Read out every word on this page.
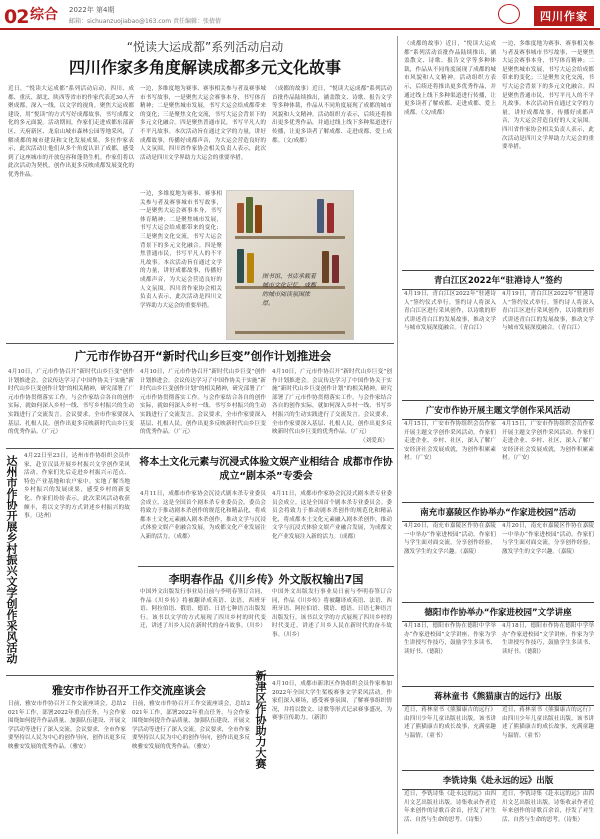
02 综合 2022年 第4期
邮箱：sichuanzuojiabao@163.com 责任编辑：张倩倩	四川作家
“悦读大运成都”系列活动启动
四川作家多角度解读成都多元文化故事
近日，“悦读大运成都”系列活动启动，四川、成都、重庆、湖北、陕西等省市的作家代表近30人齐聚成都，深入一线，以文学的视角，聚焦大运成都建设，用“悦读”的方式写好成都故事，书写成都文化的多元面貌。活动期间，作家们走进成都东部新区、天府新区、龙泉山城市森林公园等地采风，了解成都的城市建设和文化发展成果。多位作家表示，此次活动让他们从多个角度认识了成都，感受到了这座城市的开放包容和蓬勃生机。作家们将以此次活动为契机，创作出更多反映成都发展变化的优秀作品。
一边，多维度地为赛事、赛事相关参与者及赛事城市书写故事，一是聚焦大运会赛事本身，书写体育精神；二是聚焦城市发展，书写大运会给成都带来的变化；三是聚焦文化交流，书写大运会背景下的多元文化融合。四是聚焦普通市民，书写平凡人的不平凡故事。本次活动旨在通过文学的力量，讲好成都故事，传播好成都声音，为大运会营造良好的人文氛围。四川省作家协会相关负责人表示，此次活动是四川文学界助力大运会的重要举措。
（成都的故事）近日，“悦读大运成都”系列活动首批作品陆续推出，涵盖散文、诗歌、报告文学等多种体裁，作品从不同角度展现了成都的城市风貌和人文精神。活动组织方表示，后续还将推出更多优秀作品，并通过线上线下多种渠道进行传播，让更多读者了解成都、走进成都、爱上成都。（文/成都）
一边，多维度地为赛事、赛事相关参与者及赛事城市书写故事，一是聚焦大运会赛事本身，书写体育精神；二是聚焦城市发展，书写大运会给成都带来的变化；三是聚焦文化交流，书写大运会背景下的多元文化融合。四是聚焦普通市民，书写平凡人的不平凡故事。本次活动旨在通过文学的力量，讲好成都故事，传播好成都声音，为大运会营造良好的人文氛围。四川省作家协会相关负责人表示，此次活动是四川文学界助力大运会的重要举措。
图书馆、书店承载着城市文化记忆，成都的城市阅读氛围浓厚。
广元市作协召开“新时代山乡巨变”创作计划推进会
4月10日，广元市作协召开“新时代山乡巨变”创作计划推进会。会议传达学习了中国作协关于实施“新时代山乡巨变创作计划”的相关精神，研究部署了广元市作协贯彻落实工作。与会作家结合各自的创作实际，就如何深入乡村一线、书写乡村振兴的生动实践进行了交流发言。会议要求，全市作家要深入基层、扎根人民，创作出更多反映新时代山乡巨变的优秀作品。（广元）
4月10日，广元市作协召开“新时代山乡巨变”创作计划推进会。会议传达学习了中国作协关于实施“新时代山乡巨变创作计划”的相关精神，研究部署了广元市作协贯彻落实工作。与会作家结合各自的创作实际，就如何深入乡村一线、书写乡村振兴的生动实践进行了交流发言。会议要求，全市作家要深入基层、扎根人民，创作出更多反映新时代山乡巨变的优秀作品。（广元）
4月10日，广元市作协召开“新时代山乡巨变”创作计划推进会。会议传达学习了中国作协关于实施“新时代山乡巨变创作计划”的相关精神，研究部署了广元市作协贯彻落实工作。与会作家结合各自的创作实际，就如何深入乡村一线、书写乡村振兴的生动实践进行了交流发言。会议要求，全市作家要深入基层、扎根人民，创作出更多反映新时代山乡巨变的优秀作品。（广元）
（刘爱真）
达州市作协开展乡村振兴文学创作采风活动 4月22日至23日，达州市作协组织会员作家，赴宣汉县开展乡村振兴文学创作采风活动。作家们先后走进乡村振兴示范点、特色产业基地和农户家中，实地了解当地乡村振兴的发展成果，感受乡村的新变化。作家们纷纷表示，此次采风活动收获颇丰，将以文学的方式讲述乡村振兴的故事。（达州）
将本土文化元素与沉浸式体验文娱产业相结合 成都市作协成立“剧本杀”专委会
4月11日，成都市作家协会沉浸式剧本杀专业委员会成立。这是全国首个剧本杀专业委员会。委员会将致力于推动剧本杀创作的规范化和精品化，将成都本土文化元素融入剧本杀创作，推动文学与沉浸式体验文娱产业融合发展，为成都文化产业发展注入新的活力。（成都）
4月11日，成都市作家协会沉浸式剧本杀专业委员会成立。这是全国首个剧本杀专业委员会。委员会将致力于推动剧本杀创作的规范化和精品化，将成都本土文化元素融入剧本杀创作，推动文学与沉浸式体验文娱产业融合发展，为成都文化产业发展注入新的活力。（成都）
李明春作品《川乡传》外文版权输出7国
中国外文出版发行事业局日前与李明春签订合同，作品《川乡传》将被翻译成英语、法语、西班牙语、阿拉伯语、俄语、德语、日语七种语言出版发行。该书以文学的方式展现了四川乡村的时代变迁，讲述了川乡人民在新时代的奋斗故事。（川乡）
中国外文出版发行事业局日前与李明春签订合同，作品《川乡传》将被翻译成英语、法语、西班牙语、阿拉伯语、俄语、德语、日语七种语言出版发行。该书以文学的方式展现了四川乡村的时代变迁，讲述了川乡人民在新时代的奋斗故事。（川乡）
雅安市作协召开工作交流座谈会
日前，雅安市作协召开工作交流座谈会，总结2021年工作，部署2022年重点任务。与会作家围绕如何提升作品质量、加强队伍建设、开展文学活动等进行了深入交流。会议要求，全市作家要坚持以人民为中心的创作导向，创作出更多反映雅安发展的优秀作品。（雅安）
日前，雅安市作协召开工作交流座谈会，总结2021年工作，部署2022年重点任务。与会作家围绕如何提升作品质量、加强队伍建设、开展文学活动等进行了深入交流。会议要求，全市作家要坚持以人民为中心的创作导向，创作出更多反映雅安发展的优秀作品。（雅安）	新津区作协助力大赛 4月10日，成都市新津区作协组织会员作家参加2022年全国大学生桨板赛事文学采风活动。作家们深入赛场，感受赛事氛围，了解赛事组织情况，并将以散文、诗歌等形式记录赛事盛况，为赛事宣传助力。（新津）
青白江区2022年“驻港诗人”签约
4月19日，青白江区2022年“驻港诗人”签约仪式举行。签约诗人将深入青白江区进行采风创作，以诗歌的形式讲述青白江的发展故事，推动文学与城市发展深度融合。（青白江）
4月19日，青白江区2022年“驻港诗人”签约仪式举行。签约诗人将深入青白江区进行采风创作，以诗歌的形式讲述青白江的发展故事，推动文学与城市发展深度融合。（青白江）
广安市作协开展主题文学创作采风活动
4月15日，广安市作协组织会员作家开展主题文学创作采风活动。作家们走进企业、乡村、社区，深入了解广安经济社会发展成就，为创作积累素材。（广安）
4月15日，广安市作协组织会员作家开展主题文学创作采风活动。作家们走进企业、乡村、社区，深入了解广安经济社会发展成就，为创作积累素材。（广安）
南充市嘉陵区作协举办“作家进校园”活动
4月20日，南充市嘉陵区作协在嘉陵一中举办“作家进校园”活动。作家们与学生面对面交流，分享创作经验，激发学生的文学兴趣。（嘉陵）
4月20日，南充市嘉陵区作协在嘉陵一中举办“作家进校园”活动。作家们与学生面对面交流，分享创作经验，激发学生的文学兴趣。（嘉陵）
德阳市作协举办“作家进校园”文学讲座
4月18日，德阳市作协在德阳中学举办“作家进校园”文学讲座，作家为学生讲授写作技巧，鼓励学生多读书、读好书。（德阳）
4月18日，德阳市作协在德阳中学举办“作家进校园”文学讲座，作家为学生讲授写作技巧，鼓励学生多读书、读好书。（德阳）
蒋林童书《熊猫康吉的远行》出版
近日，蒋林童书《熊猫康吉的远行》由四川少年儿童出版社出版。该书讲述了熊猫康吉的成长故事，充满童趣与温情。（童书）
近日，蒋林童书《熊猫康吉的远行》由四川少年儿童出版社出版。该书讲述了熊猫康吉的成长故事，充满童趣与温情。（童书）
李铣诗集《赴永远的远》出版
近日，李铣诗集《赴永远的远》由四川文艺出版社出版。诗集收录作者近年来创作的诗歌百余首，抒发了对生活、自然与生命的思考。（诗集）
近日，李铣诗集《赴永远的远》由四川文艺出版社出版。诗集收录作者近年来创作的诗歌百余首，抒发了对生活、自然与生命的思考。（诗集）
（成都的故事）近日，“悦读大运成都”系列活动首批作品陆续推出，涵盖散文、诗歌、报告文学等多种体裁，作品从不同角度展现了成都的城市风貌和人文精神。活动组织方表示，后续还将推出更多优秀作品，并通过线上线下多种渠道进行传播，让更多读者了解成都、走进成都、爱上成都。（文/成都）
一边，多维度地为赛事、赛事相关参与者及赛事城市书写故事，一是聚焦大运会赛事本身，书写体育精神；二是聚焦城市发展，书写大运会给成都带来的变化；三是聚焦文化交流，书写大运会背景下的多元文化融合。四是聚焦普通市民，书写平凡人的不平凡故事。本次活动旨在通过文学的力量，讲好成都故事，传播好成都声音，为大运会营造良好的人文氛围。四川省作家协会相关负责人表示，此次活动是四川文学界助力大运会的重要举措。
